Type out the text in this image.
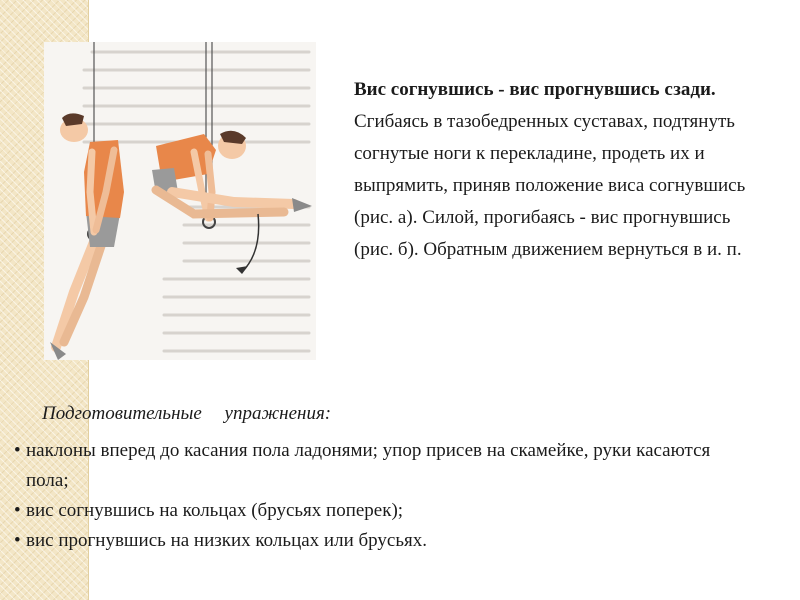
Вис согнувшись - вис прогнувшись сзади. Сгибаясь в тазобедренных суставах, подтянуть согнутые ноги к перекладине, продеть их и выпрямить, приняв положение виса согнувшись (рис. а). Силой, прогибаясь - вис прогнувшись (рис. б). Обратным движением вернуться в и. п.
Подготовительные упражнения:
• наклоны вперед до касания пола ладонями; упор присев на скамейке, руки касаются пола;
• вис согнувшись на кольцах (брусьях поперек);
• вис прогнувшись на низких кольцах или брусьях.
